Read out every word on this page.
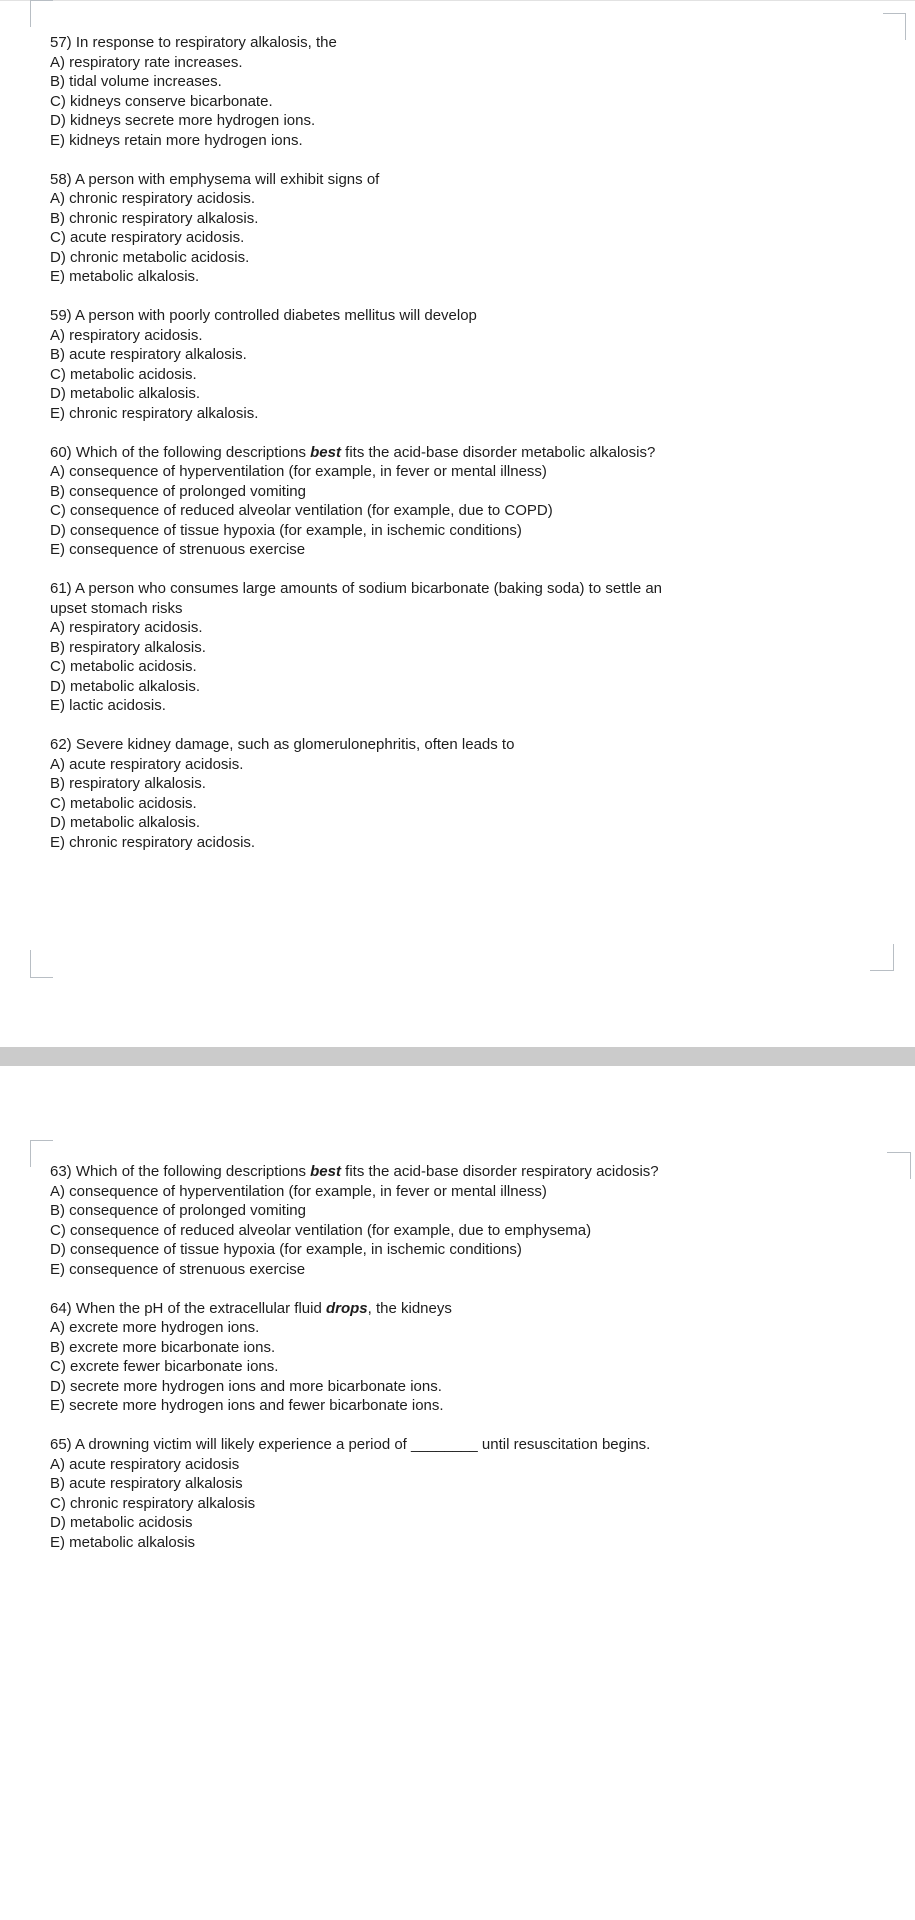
57) In response to respiratory alkalosis, the
A) respiratory rate increases.
B) tidal volume increases.
C) kidneys conserve bicarbonate.
D) kidneys secrete more hydrogen ions.
E) kidneys retain more hydrogen ions.
58) A person with emphysema will exhibit signs of
A) chronic respiratory acidosis.
B) chronic respiratory alkalosis.
C) acute respiratory acidosis.
D) chronic metabolic acidosis.
E) metabolic alkalosis.
59) A person with poorly controlled diabetes mellitus will develop
A) respiratory acidosis.
B) acute respiratory alkalosis.
C) metabolic acidosis.
D) metabolic alkalosis.
E) chronic respiratory alkalosis.
60) Which of the following descriptions best fits the acid-base disorder metabolic alkalosis?
A) consequence of hyperventilation (for example, in fever or mental illness)
B) consequence of prolonged vomiting
C) consequence of reduced alveolar ventilation (for example, due to COPD)
D) consequence of tissue hypoxia (for example, in ischemic conditions)
E) consequence of strenuous exercise
61) A person who consumes large amounts of sodium bicarbonate (baking soda) to settle an
upset stomach risks
A) respiratory acidosis.
B) respiratory alkalosis.
C) metabolic acidosis.
D) metabolic alkalosis.
E) lactic acidosis.
62) Severe kidney damage, such as glomerulonephritis, often leads to
A) acute respiratory acidosis.
B) respiratory alkalosis.
C) metabolic acidosis.
D) metabolic alkalosis.
E) chronic respiratory acidosis.
63) Which of the following descriptions best fits the acid-base disorder respiratory acidosis?
A) consequence of hyperventilation (for example, in fever or mental illness)
B) consequence of prolonged vomiting
C) consequence of reduced alveolar ventilation (for example, due to emphysema)
D) consequence of tissue hypoxia (for example, in ischemic conditions)
E) consequence of strenuous exercise
64) When the pH of the extracellular fluid drops, the kidneys
A) excrete more hydrogen ions.
B) excrete more bicarbonate ions.
C) excrete fewer bicarbonate ions.
D) secrete more hydrogen ions and more bicarbonate ions.
E) secrete more hydrogen ions and fewer bicarbonate ions.
65) A drowning victim will likely experience a period of ________ until resuscitation begins.
A) acute respiratory acidosis
B) acute respiratory alkalosis
C) chronic respiratory alkalosis
D) metabolic acidosis
E) metabolic alkalosis
